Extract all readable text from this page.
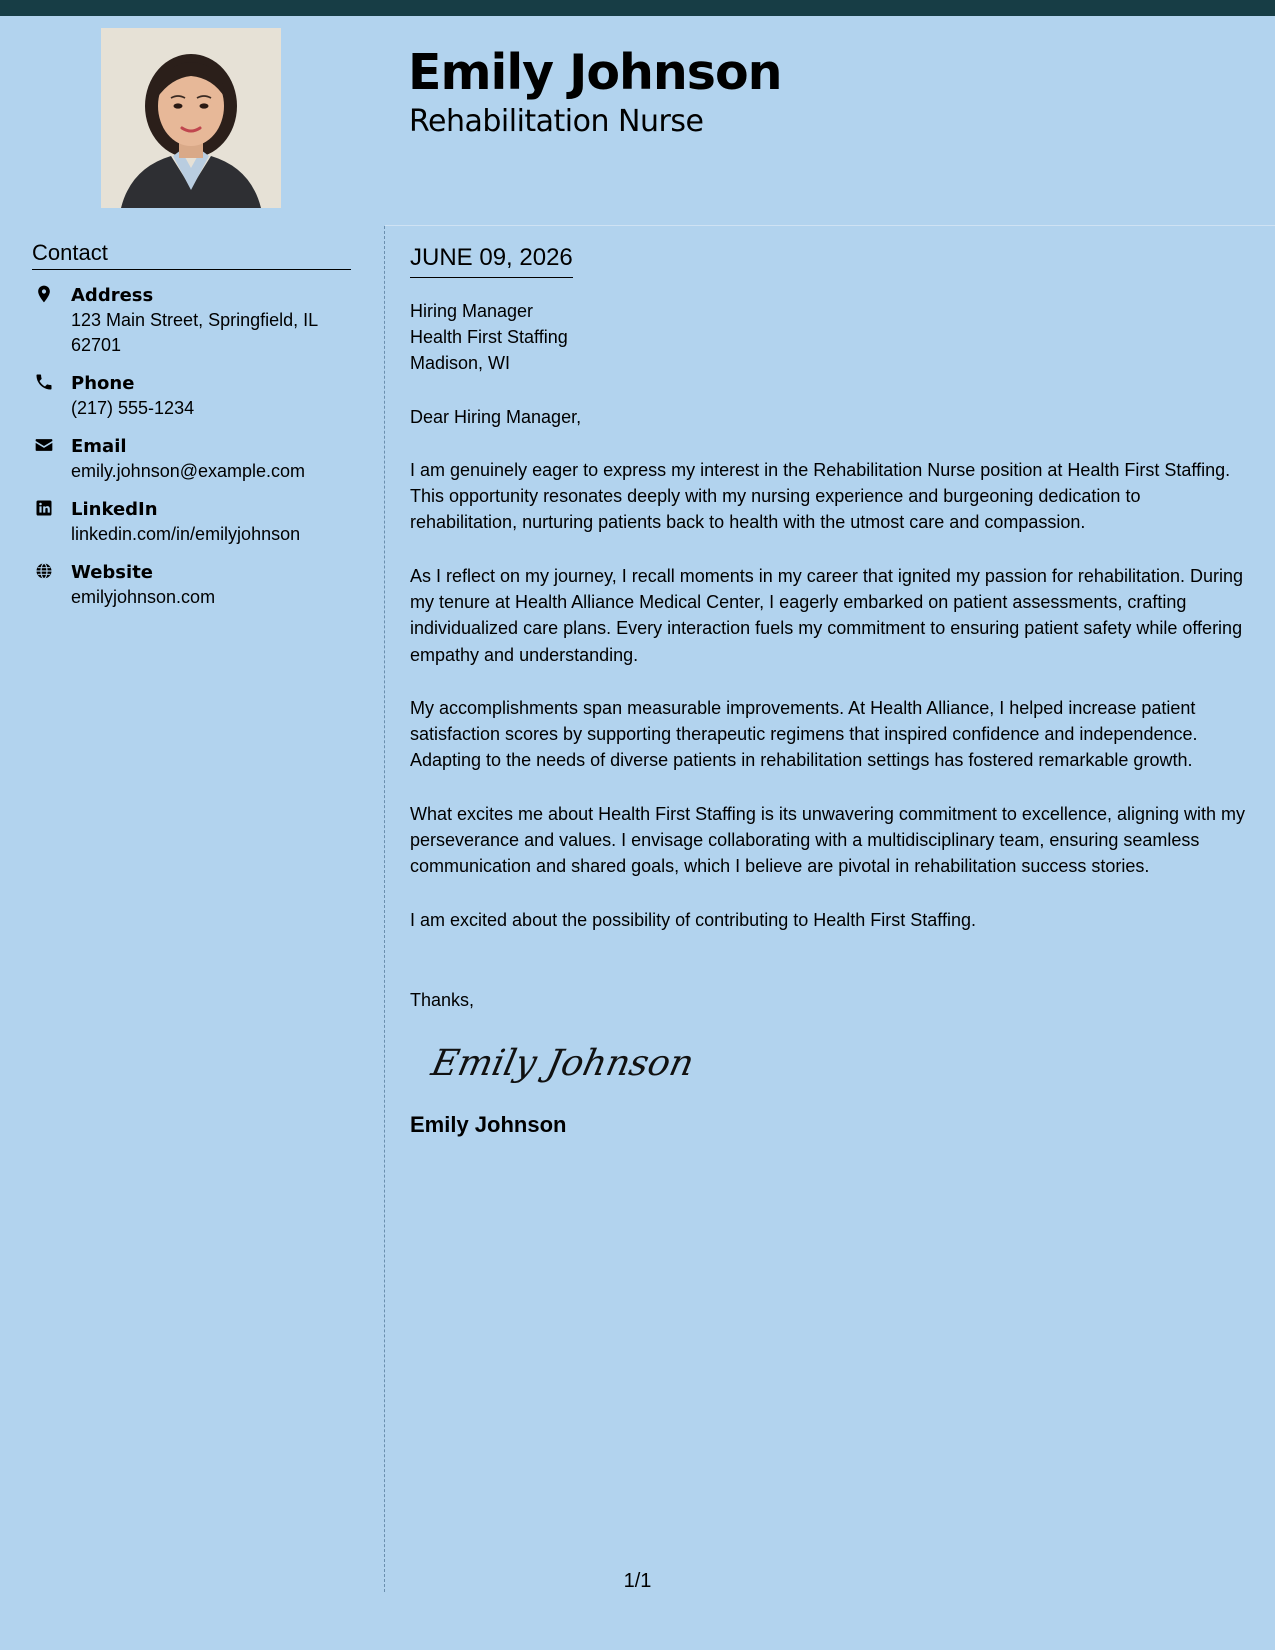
Emily Johnson
Rehabilitation Nurse
Contact
Address
123 Main Street, Springfield, IL 62701
Phone
(217) 555-1234
Email
emily.johnson@example.com
LinkedIn
linkedin.com/in/emilyjohnson
Website
emilyjohnson.com
JUNE 09, 2026
Hiring Manager
Health First Staffing
Madison, WI
Dear Hiring Manager,

I am genuinely eager to express my interest in the Rehabilitation Nurse position at Health First Staffing. This opportunity resonates deeply with my nursing experience and burgeoning dedication to rehabilitation, nurturing patients back to health with the utmost care and compassion.

As I reflect on my journey, I recall moments in my career that ignited my passion for rehabilitation. During my tenure at Health Alliance Medical Center, I eagerly embarked on patient assessments, crafting individualized care plans. Every interaction fuels my commitment to ensuring patient safety while offering empathy and understanding.

My accomplishments span measurable improvements. At Health Alliance, I helped increase patient satisfaction scores by supporting therapeutic regimens that inspired confidence and independence. Adapting to the needs of diverse patients in rehabilitation settings has fostered remarkable growth.

What excites me about Health First Staffing is its unwavering commitment to excellence, aligning with my perseverance and values. I envisage collaborating with a multidisciplinary team, ensuring seamless communication and shared goals, which I believe are pivotal in rehabilitation success stories.

I am excited about the possibility of contributing to Health First Staffing.

Thanks,
Emily Johnson
Emily Johnson
1/1
